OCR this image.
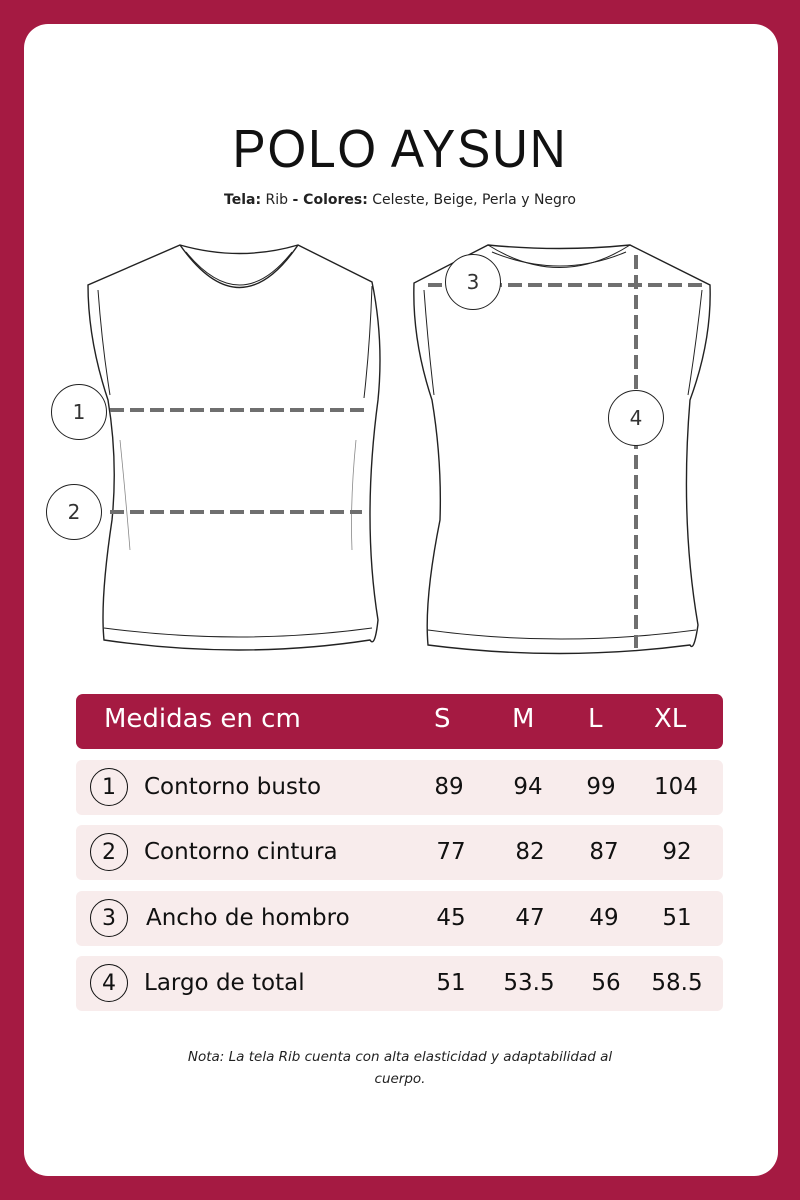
POLO AYSUN
Tela: Rib - Colores: Celeste, Beige, Perla y Negro
1
2
3
4
Medidas en cm	S M L XL
1	Contorno busto	89	94	99	104
2	Contorno cintura	77	82	87	92
3	Ancho de hombro	45	47	49	51
4	Largo de total	51	53.5	56	58.5
Nota: La tela Rib cuenta con alta elasticidad y adaptabilidad al cuerpo.
